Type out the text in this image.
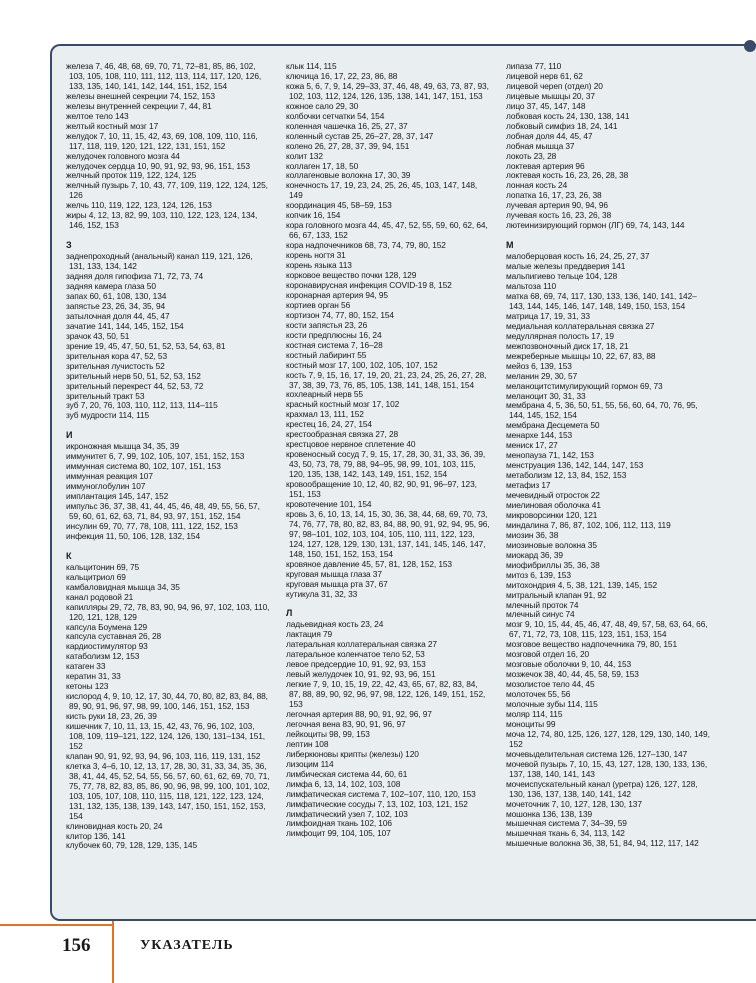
железа 7, 46, 48, 68, 69, 70, 71, 72–81, 85, 86, 102, 103, 105, 108, 110, 111, 112, 113, 114, 117, 120, 126, 133, 135, 140, 141, 142, 144, 151, 152, 154
железы внешней секреции 74, 152, 153
железы внутренней секреции 7, 44, 81
желтое тело 143
желтый костный мозг 17
желудок 7, 10, 11, 15, 42, 43, 69, 108, 109, 110, 116, 117, 118, 119, 120, 121, 122, 131, 151, 152
желудочек головного мозга 44
желудочек сердца 10, 90, 91, 92, 93, 96, 151, 153
желчный проток 119, 122, 124, 125
желчный пузырь 7, 10, 43, 77, 109, 119, 122, 124, 125, 126
желчь 110, 119, 122, 123, 124, 126, 153
жиры 4, 12, 13, 82, 99, 103, 110, 122, 123, 124, 134, 146, 152, 153
З
заднепроходный (анальный) канал 119, 121, 126, 131, 133, 134, 142
задняя доля гипофиза 71, 72, 73, 74
задняя камера глаза 50
запах 60, 61, 108, 130, 134
запястье 23, 26, 34, 35, 94
затылочная доля 44, 45, 47
зачатие 141, 144, 145, 152, 154
зрачок 43, 50, 51
зрение 19, 45, 47, 50, 51, 52, 53, 54, 63, 81
зрительная кора 47, 52, 53
зрительная лучистость 52
зрительный нерв 50, 51, 52, 53, 152
зрительный перекрест 44, 52, 53, 72
зрительный тракт 53
зуб 7, 20, 76, 103, 110, 112, 113, 114–115
зуб мудрости 114, 115
И
икроножная мышца 34, 35, 39
иммунитет 6, 7, 99, 102, 105, 107, 151, 152, 153
иммунная система 80, 102, 107, 151, 153
иммунная реакция 107
иммуноглобулин 107
имплантация 145, 147, 152
импульс 36, 37, 38, 41, 44, 45, 46, 48, 49, 55, 56, 57, 59, 60, 61, 62, 63, 71, 84, 93, 97, 151, 152, 154
инсулин 69, 70, 77, 78, 108, 111, 122, 152, 153
инфекция 11, 50, 106, 128, 132, 154
К
кальцитонин 69, 75
кальцитриол 69
камбаловидная мышца 34, 35
канал родовой 21
капилляры 29, 72, 78, 83, 90, 94, 96, 97, 102, 103, 110, 120, 121, 128, 129
капсула Боумена 129
капсула суставная 26, 28
кардиостимулятор 93
катаболизм 12, 153
катаген 33
кератин 31, 33
кетоны 123
кислород 4, 9, 10, 12, 17, 30, 44, 70, 80, 82, 83, 84, 88, 89, 90, 91, 96, 97, 98, 99, 100, 146, 151, 152, 153
кисть руки 18, 23, 26, 39
кишечник 7, 10, 11, 13, 15, 42, 43, 76, 96, 102, 103, 108, 109, 119–121, 122, 124, 126, 130, 131–134, 151, 152
клапан 90, 91, 92, 93, 94, 96, 103, 116, 119, 131, 152
клетка 3, 4–6, 10, 12, 13, 17, 28, 30, 31, 33, 34, 35, 36, 38, 41, 44, 45, 52, 54, 55, 56, 57, 60, 61, 62, 69, 70, 71, 75, 77, 78, 82, 83, 85, 86, 90, 96, 98, 99, 100, 101, 102, 103, 105, 107, 108, 110, 115, 118, 121, 122, 123, 124, 131, 132, 135, 138, 139, 143, 147, 150, 151, 152, 153, 154
клиновидная кость 20, 24
клитор 136, 141
клубочек 60, 79, 128, 129, 135, 145
клык 114, 115
ключица 16, 17, 22, 23, 86, 88
кожа 5, 6, 7, 9, 14, 29–33, 37, 46, 48, 49, 63, 73, 87, 93, 102, 103, 112, 124, 126, 135, 138, 141, 147, 151, 153
кожное сало 29, 30
колбочки сетчатки 54, 154
коленная чашечка 16, 25, 27, 37
коленный сустав 25, 26–27, 28, 37, 147
колено 26, 27, 28, 37, 39, 94, 151
колит 132
коллаген 17, 18, 50
коллагеновые волокна 17, 30, 39
конечность 17, 19, 23, 24, 25, 26, 45, 103, 147, 148, 149
координация 45, 58–59, 153
копчик 16, 154
кора головного мозга 44, 45, 47, 52, 55, 59, 60, 62, 64, 66, 67, 133, 152
кора надпочечников 68, 73, 74, 79, 80, 152
корень ногтя 31
корень языка 113
корковое вещество почки 128, 129
коронавирусная инфекция COVID-19 8, 152
коронарная артерия 94, 95
кортиев орган 56
кортизон 74, 77, 80, 152, 154
кости запястья 23, 26
кости предплюсны 16, 24
костная система 7, 16–28
костный лабиринт 55
костный мозг 17, 100, 102, 105, 107, 152
кость 7, 9, 15, 16, 17, 19, 20, 21, 23, 24, 25, 26, 27, 28, 37, 38, 39, 73, 76, 85, 105, 138, 141, 148, 151, 154
кохлеарный нерв 55
красный костный мозг 17, 102
крахмал 13, 111, 152
крестец 16, 24, 27, 154
крестообразная связка 27, 28
крестцовое нервное сплетение 40
кровеносный сосуд 7, 9, 15, 17, 28, 30, 31, 33, 36, 39, 43, 50, 73, 78, 79, 88, 94–95, 98, 99, 101, 103, 115, 120, 135, 138, 142, 143, 149, 151, 152, 154
кровообращение 10, 12, 40, 82, 90, 91, 96–97, 123, 151, 153
кровотечение 101, 154
кровь 3, 6, 10, 13, 14, 15, 30, 36, 38, 44, 68, 69, 70, 73, 74, 76, 77, 78, 80, 82, 83, 84, 88, 90, 91, 92, 94, 95, 96, 97, 98–101, 102, 103, 104, 105, 110, 111, 122, 123, 124, 127, 128, 129, 130, 131, 137, 141, 145, 146, 147, 148, 150, 151, 152, 153, 154
кровяное давление 45, 57, 81, 128, 152, 153
круговая мышца глаза 37
круговая мышца рта 37, 67
кутикула 31, 32, 33
Л
ладьевидная кость 23, 24
лактация 79
латеральная коллатеральная связка 27
латеральное коленчатое тело 52, 53
левое предсердие 10, 91, 92, 93, 153
левый желудочек 10, 91, 92, 93, 96, 151
легкие 7, 9, 10, 15, 19, 22, 42, 43, 65, 67, 82, 83, 84, 87, 88, 89, 90, 92, 96, 97, 98, 122, 126, 149, 151, 152, 153
легочная артерия 88, 90, 91, 92, 96, 97
легочная вена 83, 90, 91, 96, 97
лейкоциты 98, 99, 153
лептин 108
либеркюновы крипты (железы) 120
лизоцим 114
лимбическая система 44, 60, 61
лимфа 6, 13, 14, 102, 103, 108
лимфатическая система 7, 102–107, 110, 120, 153
лимфатические сосуды 7, 13, 102, 103, 121, 152
лимфатический узел 7, 102, 103
лимфоидная ткань 102, 106
лимфоцит 99, 104, 105, 107
липаза 77, 110
лицевой нерв 61, 62
лицевой череп (отдел) 20
лицевые мышцы 20, 37
лицо 37, 45, 147, 148
лобковая кость 24, 130, 138, 141
лобковый симфиз 18, 24, 141
лобная доля 44, 45, 47
лобная мышца 37
локоть 23, 28
локтевая артерия 96
локтевая кость 16, 23, 26, 28, 38
лонная кость 24
лопатка 16, 17, 23, 26, 38
лучевая артерия 90, 94, 96
лучевая кость 16, 23, 26, 38
лютеинизирующий гормон (ЛГ) 69, 74, 143, 144
М
малоберцовая кость 16, 24, 25, 27, 37
малые железы преддверия 141
мальпигиево тельце 104, 128
мальтоза 110
матка 68, 69, 74, 117, 130, 133, 136, 140, 141, 142–143, 144, 145, 146, 147, 148, 149, 150, 153, 154
матрица 17, 19, 31, 33
медиальная коллатеральная связка 27
медуллярная полость 17, 19
межпозвоночный диск 17, 18, 21
межреберные мышцы 10, 22, 67, 83, 88
мейоз 6, 139, 153
меланин 29, 30, 57
меланоцитстимулирующий гормон 69, 73
меланоцит 30, 31, 33
мембрана 4, 5, 36, 50, 51, 55, 56, 60, 64, 70, 76, 95, 144, 145, 152, 154
мембрана Десцемета 50
менархе 144, 153
мениск 17, 27
менопауза 71, 142, 153
менструация 136, 142, 144, 147, 153
метаболизм 12, 13, 84, 152, 153
метафиз 17
мечевидный отросток 22
миелиновая оболочка 41
микроворсинки 120, 121
миндалина 7, 86, 87, 102, 106, 112, 113, 119
миозин 36, 38
миозиновые волокна 35
миокард 36, 39
миофибриллы 35, 36, 38
митоз 6, 139, 153
митохондрия 4, 5, 38, 121, 139, 145, 152
митральный клапан 91, 92
млечный проток 74
млечный синус 74
мозг 9, 10, 15, 44, 45, 46, 47, 48, 49, 57, 58, 63, 64, 66, 67, 71, 72, 73, 108, 115, 123, 151, 153, 154
мозговое вещество надпочечника 79, 80, 151
мозговой отдел 16, 20
мозговые оболочки 9, 10, 44, 153
мозжечок 38, 40, 44, 45, 58, 59, 153
мозолистое тело 44, 45
молоточек 55, 56
молочные зубы 114, 115
моляр 114, 115
моноциты 99
моча 12, 74, 80, 125, 126, 127, 128, 129, 130, 140, 149, 152
мочевыделительная система 126, 127–130, 147
мочевой пузырь 7, 10, 15, 43, 127, 128, 130, 133, 136, 137, 138, 140, 141, 143
мочеиспускательный канал (уретра) 126, 127, 128, 130, 136, 137, 138, 140, 141, 142
мочеточник 7, 10, 127, 128, 130, 137
мошонка 136, 138, 139
мышечная система 7, 34–39, 59
мышечная ткань 6, 34, 113, 142
мышечные волокна 36, 38, 51, 84, 94, 112, 117, 142
156	УКАЗАТЕЛЬ
